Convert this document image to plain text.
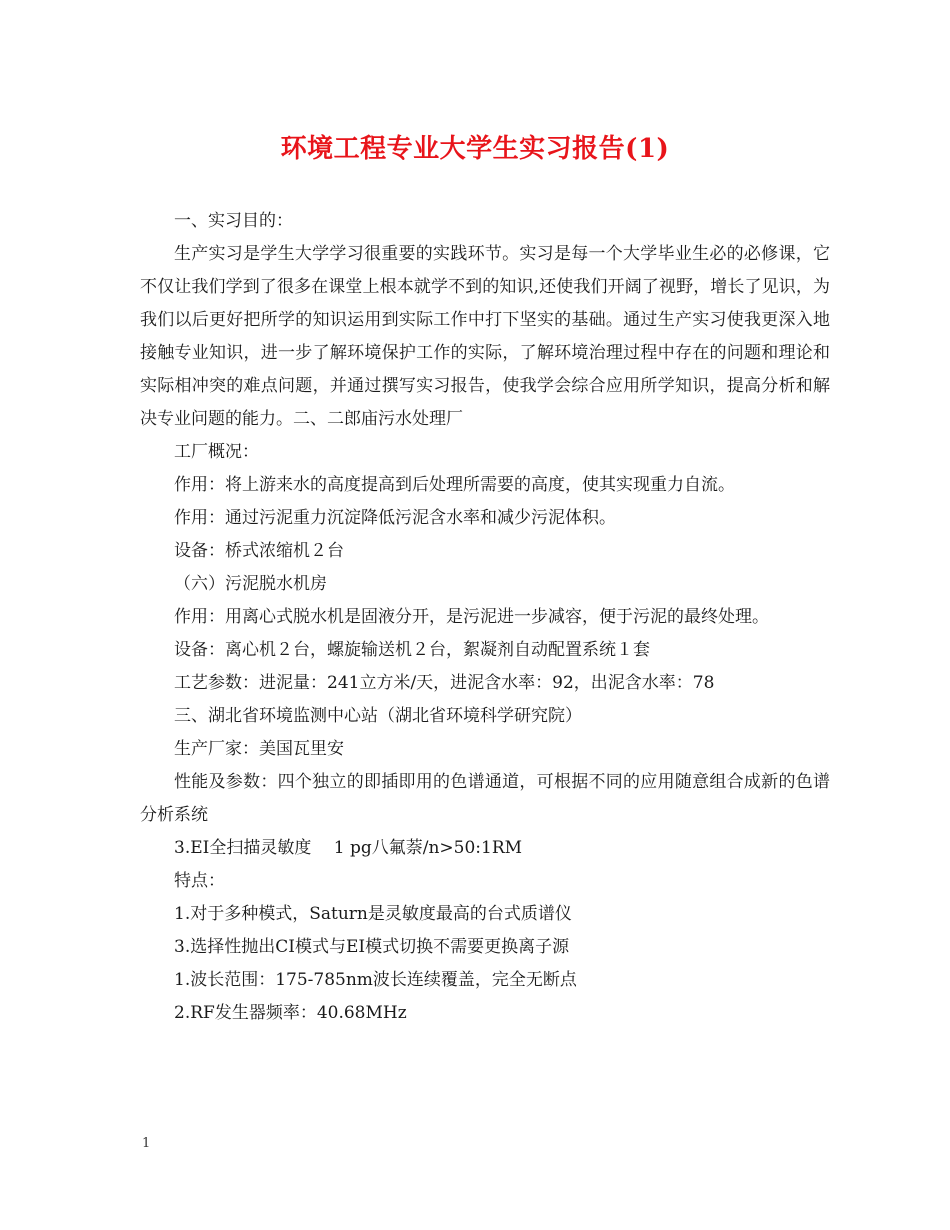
环境工程专业大学生实习报告(1)

一、实习目的：

生产实习是学生大学学习很重要的实践环节。实习是每一个大学毕业生必的必修课，它不仅让我们学到了很多在课堂上根本就学不到的知识,还使我们开阔了视野，增长了见识，为我们以后更好把所学的知识运用到实际工作中打下坚实的基础。通过生产实习使我更深入地接触专业知识，进一步了解环境保护工作的实际，了解环境治理过程中存在的问题和理论和实际相冲突的难点问题，并通过撰写实习报告，使我学会综合应用所学知识，提高分析和解决专业问题的能力。二、二郎庙污水处理厂

工厂概况：

作用：将上游来水的高度提高到后处理所需要的高度，使其实现重力自流。

作用：通过污泥重力沉淀降低污泥含水率和减少污泥体积。

设备：桥式浓缩机２台

（六）污泥脱水机房

作用：用离心式脱水机是固液分开，是污泥进一步减容，便于污泥的最终处理。

设备：离心机２台，螺旋输送机２台，絮凝剂自动配置系统１套

工艺参数：进泥量：241立方米/天，进泥含水率：92，出泥含水率：78

三、湖北省环境监测中心站（湖北省环境科学研究院）

生产厂家：美国瓦里安

性能及参数：四个独立的即插即用的色谱通道，可根据不同的应用随意组合成新的色谱分析系统

3.EI全扫描灵敏度　 1 pg八氟萘/n>50:1RM

特点：

1.对于多种模式，Saturn是灵敏度最高的台式质谱仪

3.选择性抛出CI模式与EI模式切换不需要更换离子源

1.波长范围：175-785nm波长连续覆盖，完全无断点

2.RF发生器频率：40.68MHz

1
